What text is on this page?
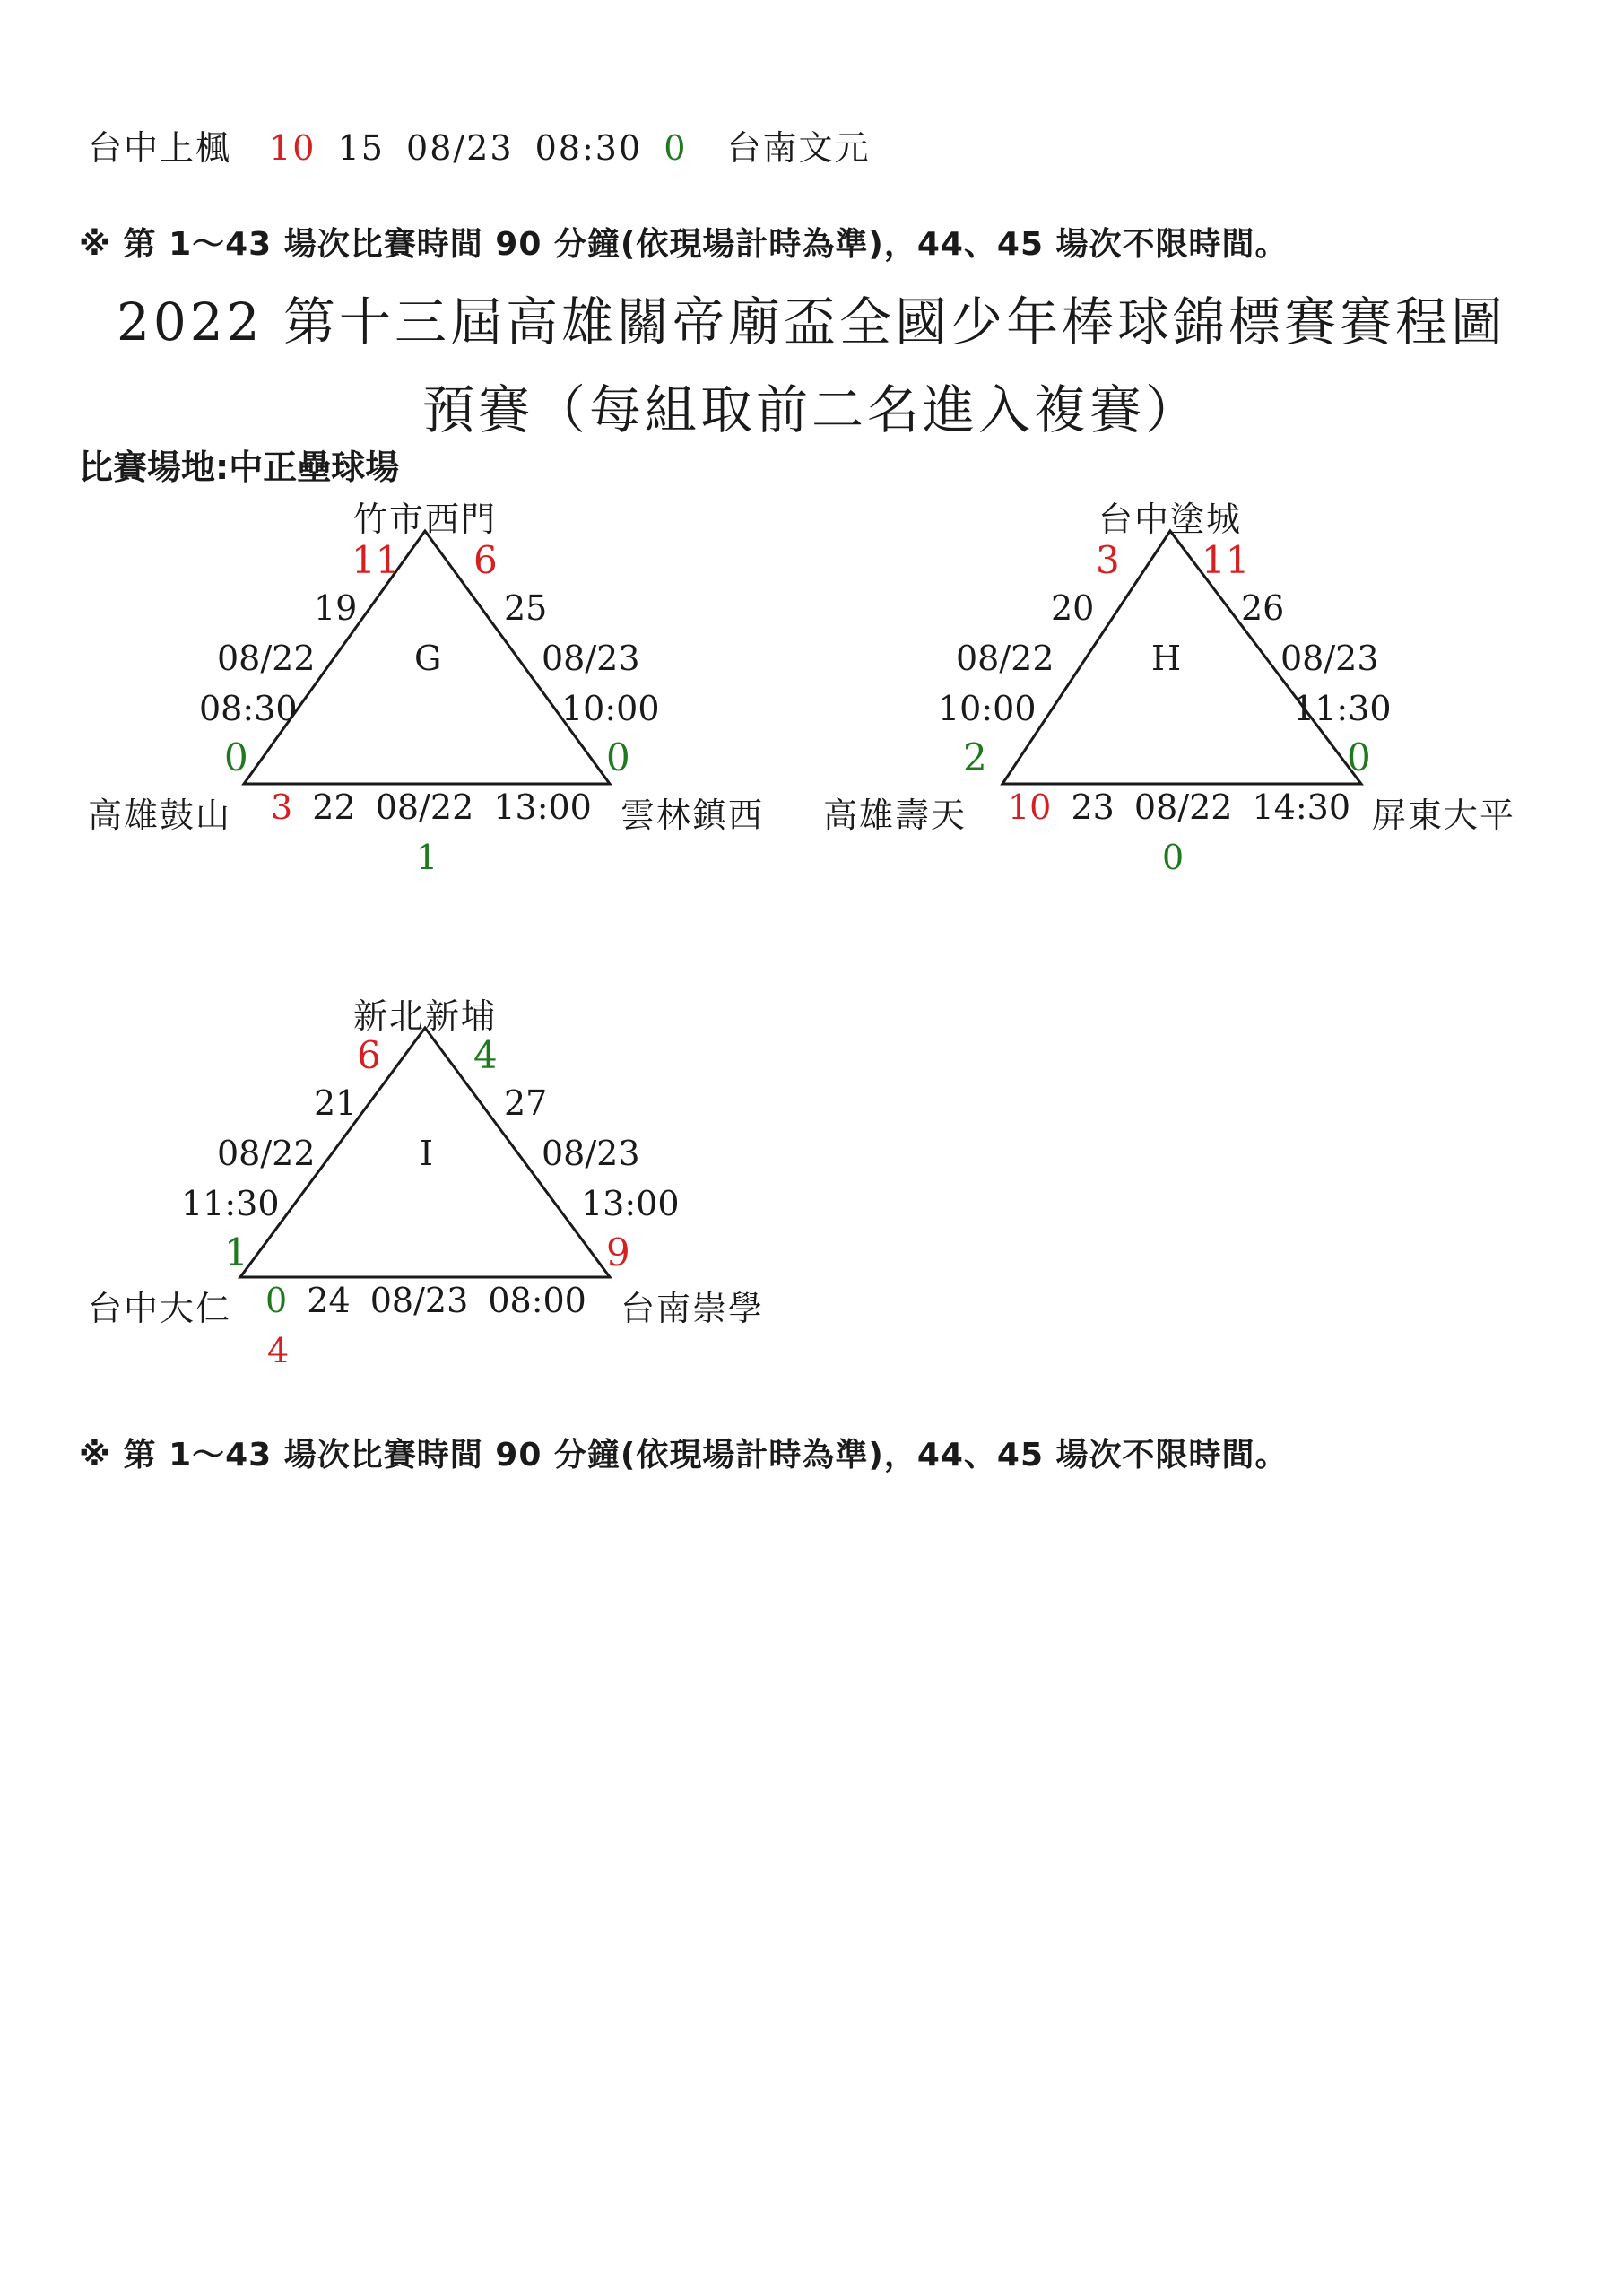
台中上楓 10 15 08/23 08:30 0 台南文元
※ 第 1～43 場次比賽時間 90 分鐘(依現場計時為準)，44、45 場次不限時間。
2022 第十三屆高雄關帝廟盃全國少年棒球錦標賽賽程圖
預賽（每組取前二名進入複賽）
比賽場地:中正壘球場
竹市西門
11 6
19	25
08/22	G	08/23
08:30	10:00
0	0
高雄鼓山 3 22 08/22 13:00 雲林鎮西
1
台中塗城
3 11
20	26
08/22	H	08/23
10:00	11:30
2	0
高雄壽天 10 23 08/22 14:30 屏東大平
0
新北新埔
6 4
21	27
08/22	I	08/23
11:30	13:00
1	9
台中大仁 0 24 08/23 08:00 台南崇學
4
※ 第 1～43 場次比賽時間 90 分鐘(依現場計時為準)，44、45 場次不限時間。
